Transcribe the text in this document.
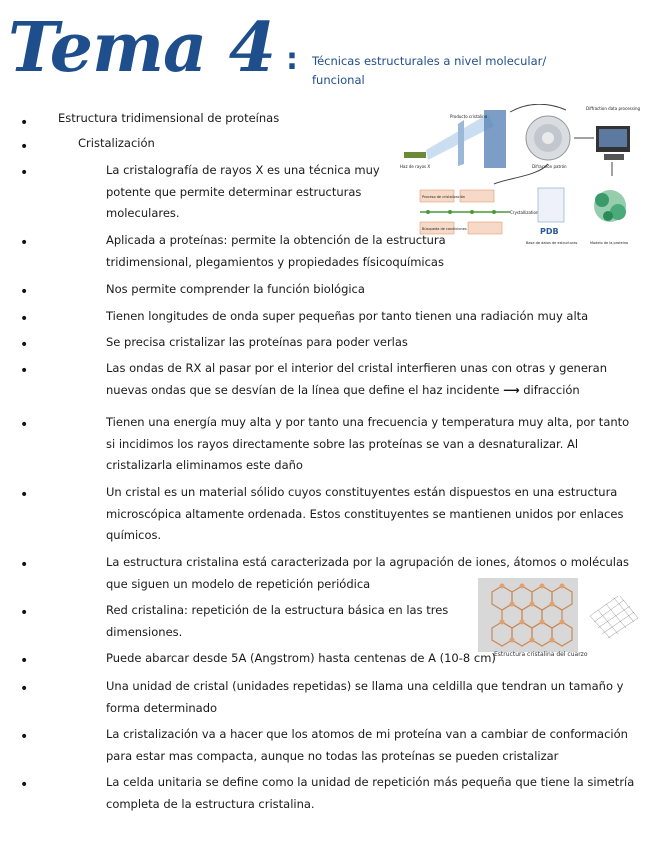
Tema 4 : Técnicas estructurales a nivel molecular/ funcional
Producto cristalino
Haz de rayos X	Difracción patrón
Diffraction data processing
Proceso de cristalización
Búsqueda de condiciones
Crystallization
PDB
Base de datos de estructuras	Modelo de la proteína
Estructura cristalina del cuarzo
•
•
•
•
•
•
•
•
•
•
•
•
•
•
•
•
Estructura tridimensional de proteínas
Cristalización
La cristalografía de rayos X es una técnica muy potente que permite determinar estructuras moleculares.
Aplicada a proteínas: permite la obtención de la estructura tridimensional, plegamientos y propiedades físicoquímicas
Nos permite comprender la función biológica
Tienen longitudes de onda super pequeñas por tanto tienen una radiación muy alta
Se precisa cristalizar las proteínas para poder verlas
Las ondas de RX al pasar por el interior del cristal interfieren unas con otras y generan nuevas ondas que se desvían de la línea que define el haz incidente ⟶ difracción
Tienen una energía muy alta y por tanto una frecuencia y temperatura muy alta, por tanto si incidimos los rayos directamente sobre las proteínas se van a desnaturalizar. Al cristalizarla eliminamos este daño
Un cristal es un material sólido cuyos constituyentes están dispuestos en una estructura microscópica altamente ordenada. Estos constituyentes se mantienen unidos por enlaces químicos.
La estructura cristalina está caracterizada por la agrupación de iones, átomos o moléculas que siguen un modelo de repetición periódica
Red cristalina: repetición de la estructura básica en las tres dimensiones.
Puede abarcar desde 5A (Angstrom) hasta centenas de A (10-8 cm)
Una unidad de cristal (unidades repetidas) se llama una celdilla que tendran un tamaño y forma determinado
La cristalización va a hacer que los atomos de mi proteína van a cambiar de conformación para estar mas compacta, aunque no todas las proteínas se pueden cristalizar
La celda unitaria se define como la unidad de repetición más pequeña que tiene la simetría completa de la estructura cristalina.
